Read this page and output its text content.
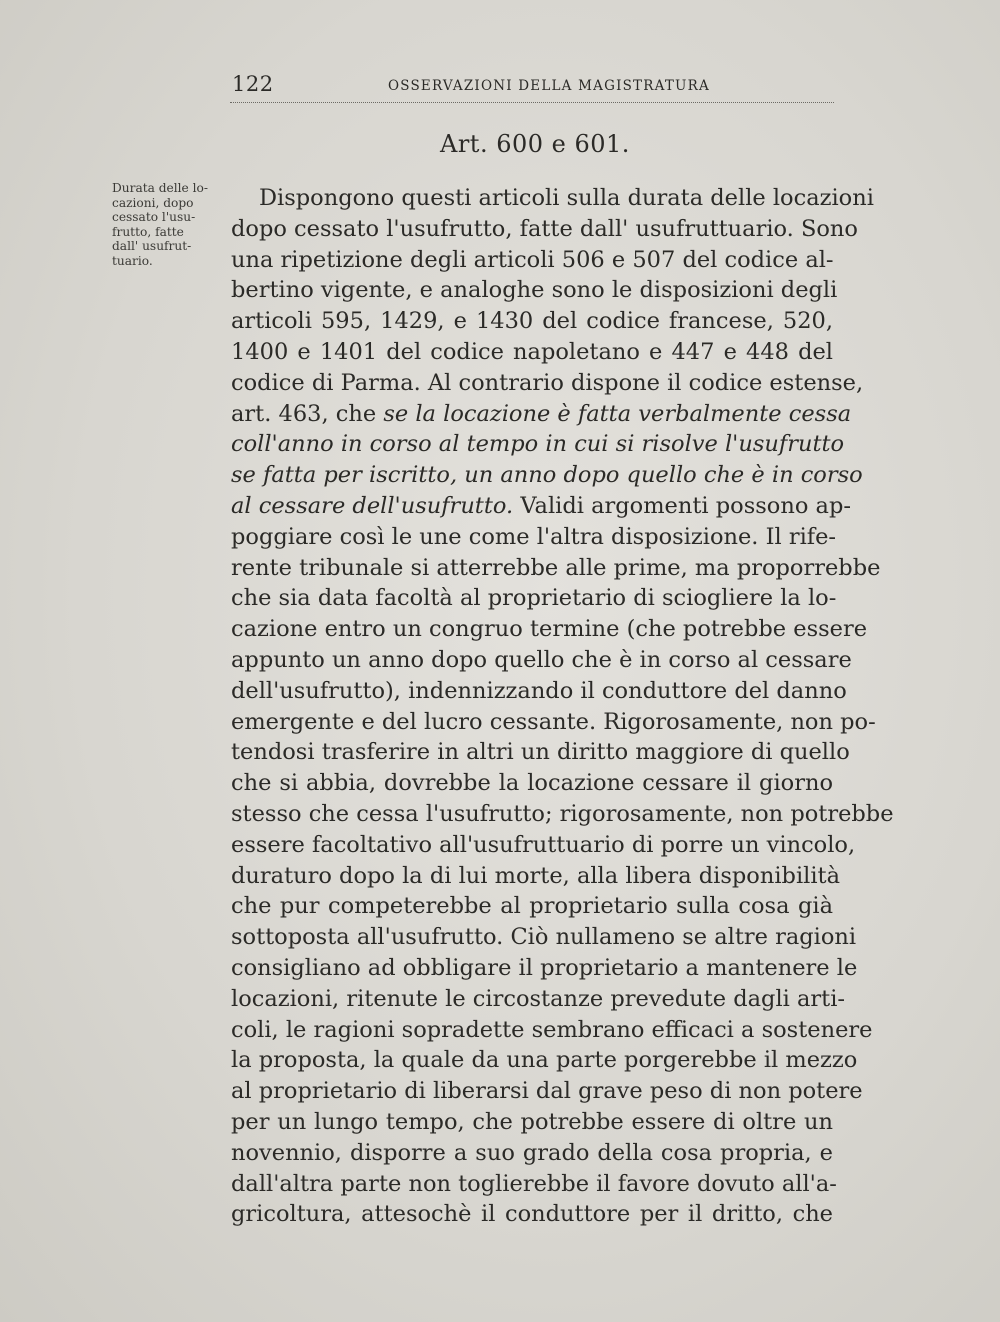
122	OSSERVAZIONI DELLA MAGISTRATURA
Art. 600 e 601.
Durata delle lo-
cazioni, dopo
cessato l'usu-
frutto, fatte
dall' usufrut-
tuario.
Dispongono questi articoli sulla durata delle locazioni
dopo cessato l'usufrutto, fatte dall' usufruttuario. Sono
una ripetizione degli articoli 506 e 507 del codice al-
bertino vigente, e analoghe sono le disposizioni degli
articoli 595, 1429, e 1430 del codice francese, 520,
1400 e 1401 del codice napoletano e 447 e 448 del
codice di Parma. Al contrario dispone il codice estense,
art. 463, che se la locazione è fatta verbalmente cessa
coll'anno in corso al tempo in cui si risolve l'usufrutto
se fatta per iscritto, un anno dopo quello che è in corso
al cessare dell'usufrutto. Validi argomenti possono ap-
poggiare così le une come l'altra disposizione. Il rife-
rente tribunale si atterrebbe alle prime, ma proporrebbe
che sia data facoltà al proprietario di sciogliere la lo-
cazione entro un congruo termine (che potrebbe essere
appunto un anno dopo quello che è in corso al cessare
dell'usufrutto), indennizzando il conduttore del danno
emergente e del lucro cessante. Rigorosamente, non po-
tendosi trasferire in altri un diritto maggiore di quello
che si abbia, dovrebbe la locazione cessare il giorno
stesso che cessa l'usufrutto; rigorosamente, non potrebbe
essere facoltativo all'usufruttuario di porre un vincolo,
duraturo dopo la di lui morte, alla libera disponibilità
che pur competerebbe al proprietario sulla cosa già
sottoposta all'usufrutto. Ciò nullameno se altre ragioni
consigliano ad obbligare il proprietario a mantenere le
locazioni, ritenute le circostanze prevedute dagli arti-
coli, le ragioni sopradette sembrano efficaci a sostenere
la proposta, la quale da una parte porgerebbe il mezzo
al proprietario di liberarsi dal grave peso di non potere
per un lungo tempo, che potrebbe essere di oltre un
novennio, disporre a suo grado della cosa propria, e
dall'altra parte non toglierebbe il favore dovuto all'a-
gricoltura, attesochè il conduttore per il dritto, che
